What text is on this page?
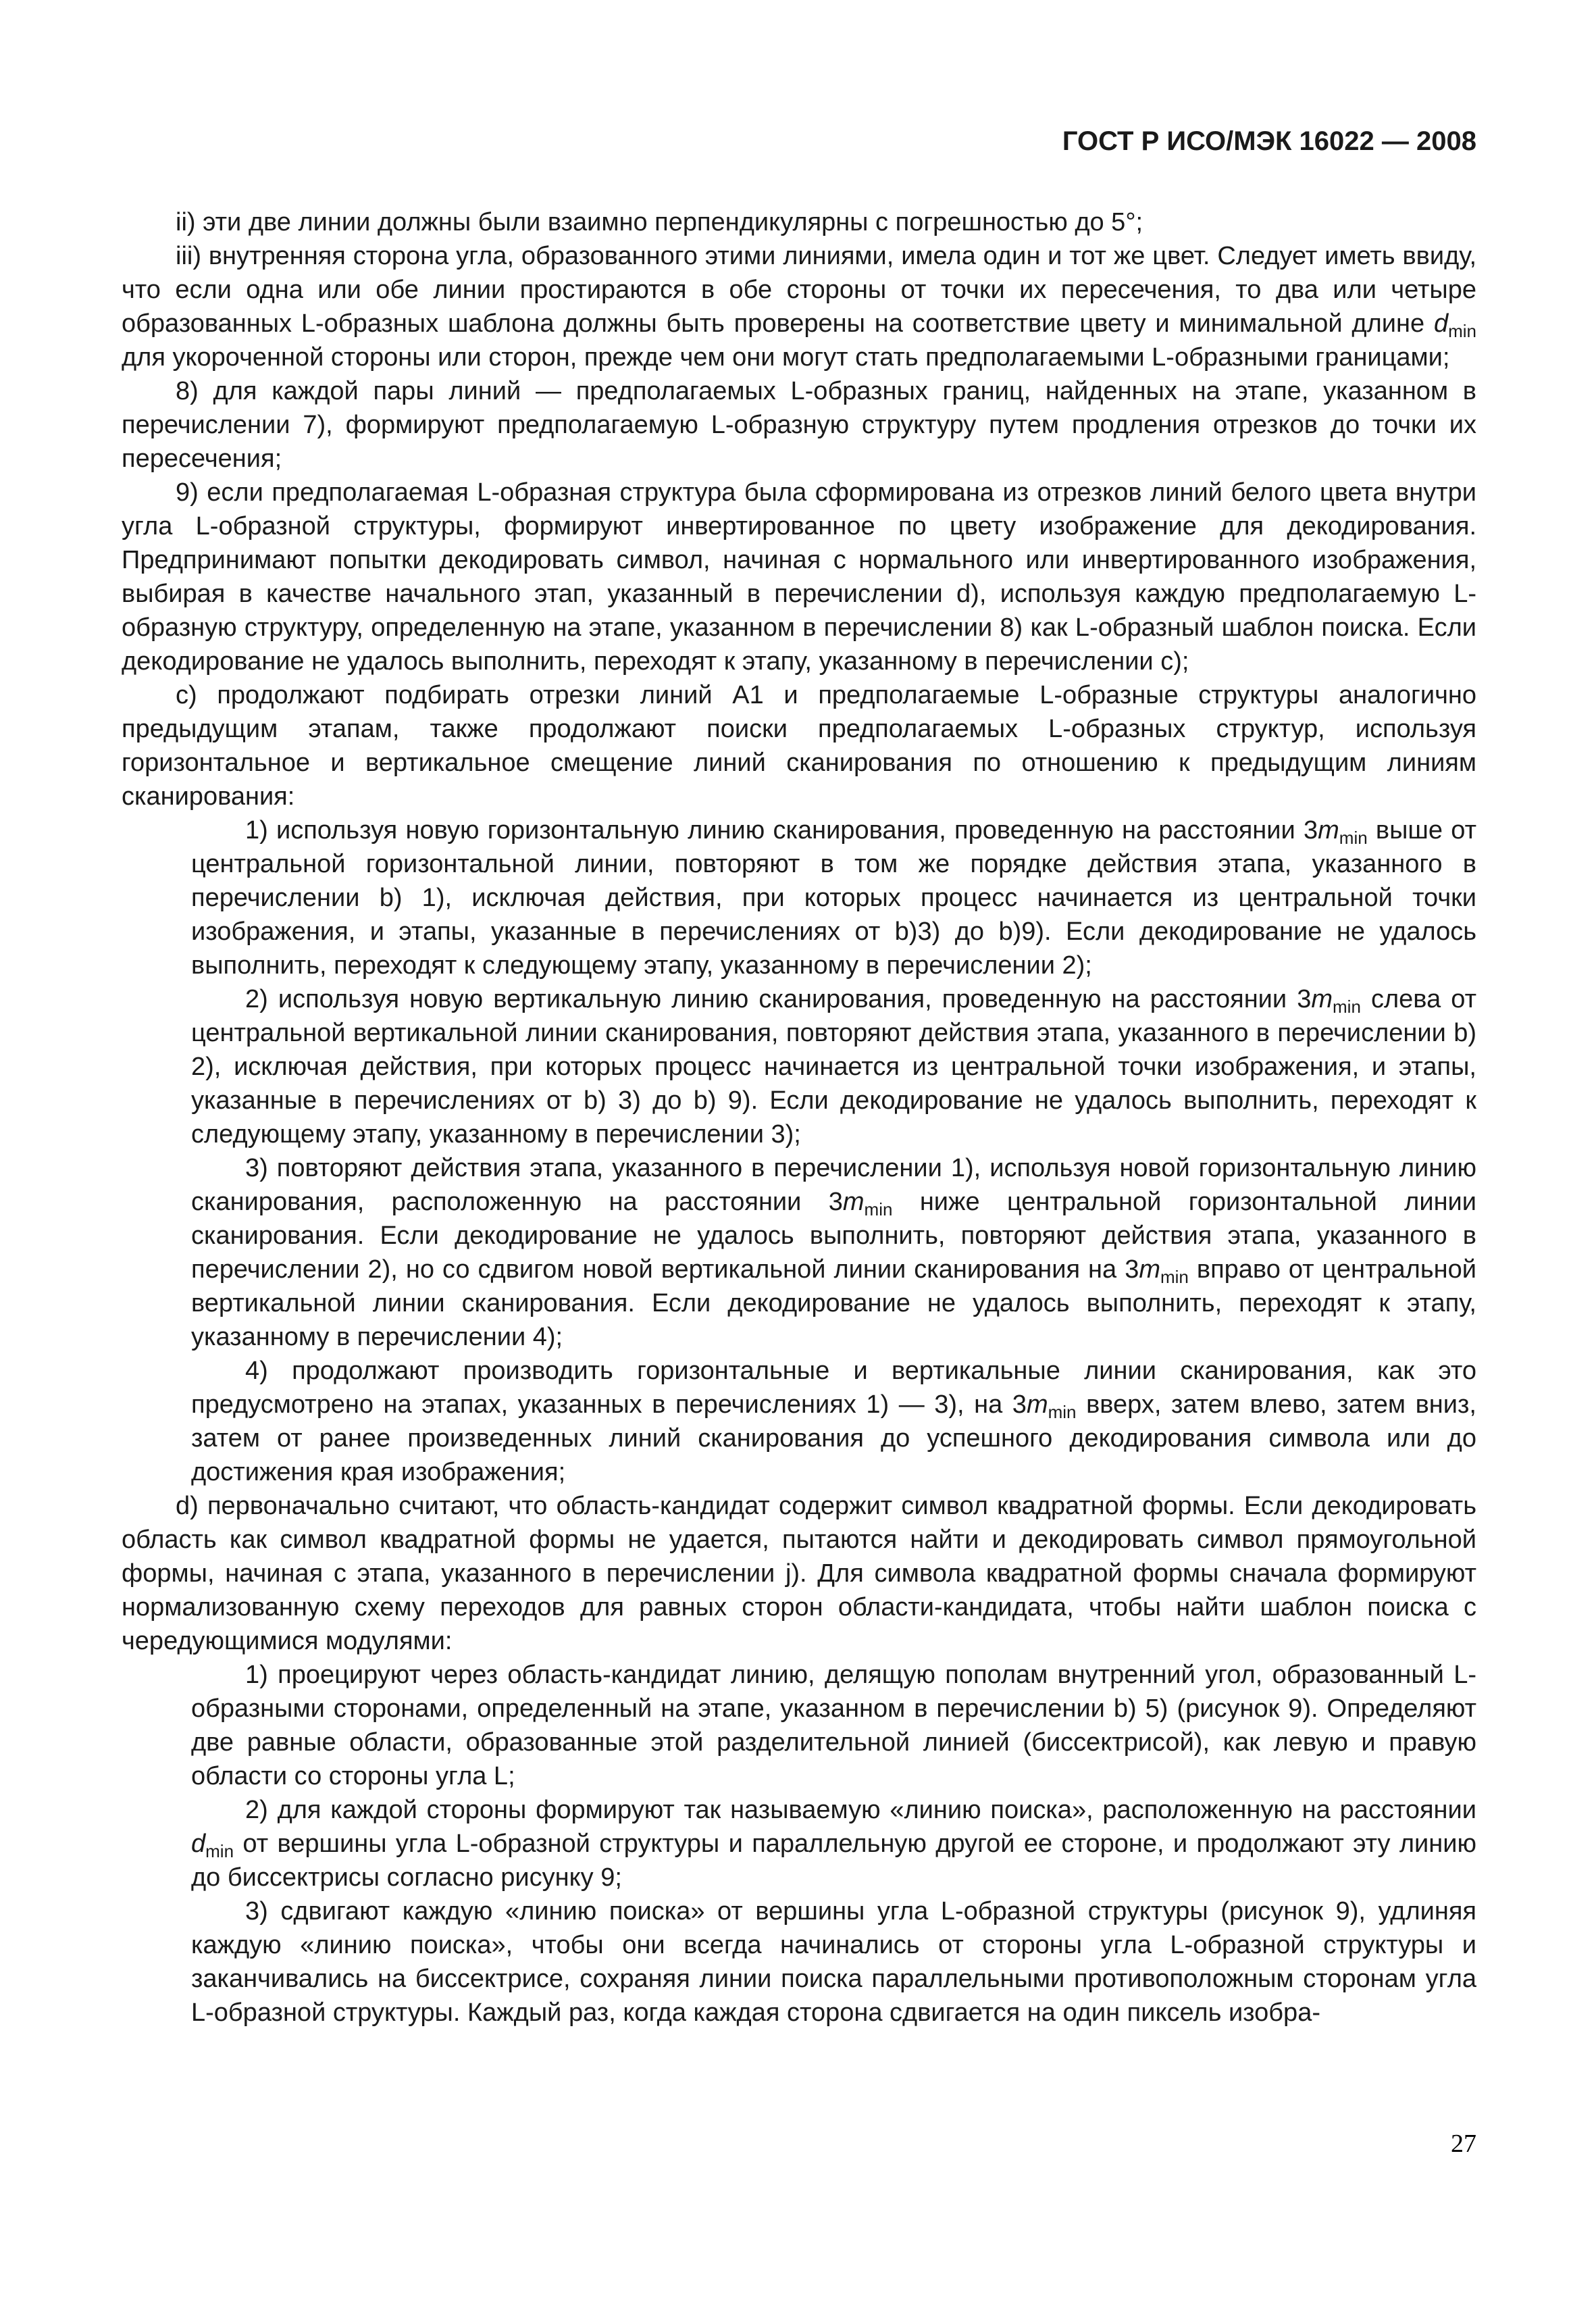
ГОСТ Р ИСО/МЭК 16022 — 2008

ii) эти две линии должны были взаимно перпендикулярны с погрешностью до 5°;

iii) внутренняя сторона угла, образованного этими линиями, имела один и тот же цвет. Следует иметь ввиду, что если одна или обе линии простираются в обе стороны от точки их пересечения, то два или четыре образованных L-образных шаблона должны быть проверены на соответствие цвету и минимальной длине $d_{min}$ для укороченной стороны или сторон, прежде чем они могут стать предполагаемыми L-образными границами;

8) для каждой пары линий — предполагаемых L-образных границ, найденных на этапе, указанном в перечислении 7), формируют предполагаемую L-образную структуру путем продления отрезков до точки их пересечения;

9) если предполагаемая L-образная структура была сформирована из отрезков линий белого цвета внутри угла L-образной структуры, формируют инвертированное по цвету изображение для декодирования. Предпринимают попытки декодировать символ, начиная с нормального или инвертированного изображения, выбирая в качестве начального этап, указанный в перечислении d), используя каждую предполагаемую L-образную структуру, определенную на этапе, указанном в перечислении 8) как L-образный шаблон поиска. Если декодирование не удалось выполнить, переходят к этапу, указанному в перечислении c);

c) продолжают подбирать отрезки линий A1 и предполагаемые L-образные структуры аналогично предыдущим этапам, также продолжают поиски предполагаемых L-образных структур, используя горизонтальное и вертикальное смещение линий сканирования по отношению к предыдущим линиям сканирования:

1) используя новую горизонтальную линию сканирования, проведенную на расстоянии $3m_{min}$ выше от центральной горизонтальной линии, повторяют в том же порядке действия этапа, указанного в перечислении b) 1), исключая действия, при которых процесс начинается из центральной точки изображения, и этапы, указанные в перечислениях от b)3) до b)9). Если декодирование не удалось выполнить, переходят к следующему этапу, указанному в перечислении 2);

2) используя новую вертикальную линию сканирования, проведенную на расстоянии $3m_{min}$ слева от центральной вертикальной линии сканирования, повторяют действия этапа, указанного в перечислении b) 2), исключая действия, при которых процесс начинается из центральной точки изображения, и этапы, указанные в перечислениях от b) 3) до b) 9). Если декодирование не удалось выполнить, переходят к следующему этапу, указанному в перечислении 3);

3) повторяют действия этапа, указанного в перечислении 1), используя новой горизонтальную линию сканирования, расположенную на расстоянии $3m_{min}$ ниже центральной горизонтальной линии сканирования. Если декодирование не удалось выполнить, повторяют действия этапа, указанного в перечислении 2), но со сдвигом новой вертикальной линии сканирования на $3m_{min}$ вправо от центральной вертикальной линии сканирования. Если декодирование не удалось выполнить, переходят к этапу, указанному в перечислении 4);

4) продолжают производить горизонтальные и вертикальные линии сканирования, как это предусмотрено на этапах, указанных в перечислениях 1) — 3), на $3m_{min}$ вверх, затем влево, затем вниз, затем от ранее произведенных линий сканирования до успешного декодирования символа или до достижения края изображения;

d) первоначально считают, что область-кандидат содержит символ квадратной формы. Если декодировать область как символ квадратной формы не удается, пытаются найти и декодировать символ прямоугольной формы, начиная с этапа, указанного в перечислении j). Для символа квадратной формы сначала формируют нормализованную схему переходов для равных сторон области-кандидата, чтобы найти шаблон поиска с чередующимися модулями:

1) проецируют через область-кандидат линию, делящую пополам внутренний угол, образованный L-образными сторонами, определенный на этапе, указанном в перечислении b) 5) (рисунок 9). Определяют две равные области, образованные этой разделительной линией (биссектрисой), как левую и правую области со стороны угла L;

2) для каждой стороны формируют так называемую «линию поиска», расположенную на расстоянии $d_{min}$ от вершины угла L-образной структуры и параллельную другой ее стороне, и продолжают эту линию до биссектрисы согласно рисунку 9;

3) сдвигают каждую «линию поиска» от вершины угла L-образной структуры (рисунок 9), удлиняя каждую «линию поиска», чтобы они всегда начинались от стороны угла L-образной структуры и заканчивались на биссектрисе, сохраняя линии поиска параллельными противоположным сторонам угла L-образной структуры. Каждый раз, когда каждая сторона сдвигается на один пиксель изобра-

27
